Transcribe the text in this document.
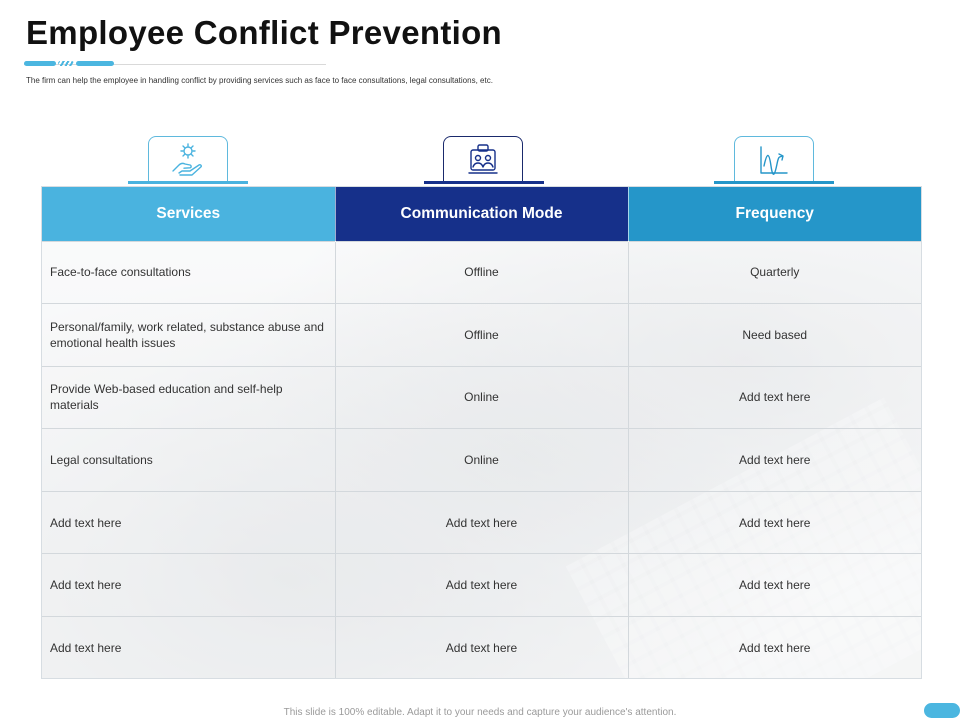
Employee Conflict Prevention
The firm can help the employee in handling conflict by providing services such as face to face consultations, legal consultations, etc.
Services	Communication Mode	Frequency
Face-to-face consultations	Offline	Quarterly
Personal/family, work related, substance abuse and emotional health issues	Offline	Need based
Provide Web-based education and self-help materials	Online	Add text here
Legal consultations	Online	Add text here
Add text here	Add text here	Add text here
Add text here	Add text here	Add text here
Add text here	Add text here	Add text here
This slide is 100% editable. Adapt it to your needs and capture your audience's attention.
